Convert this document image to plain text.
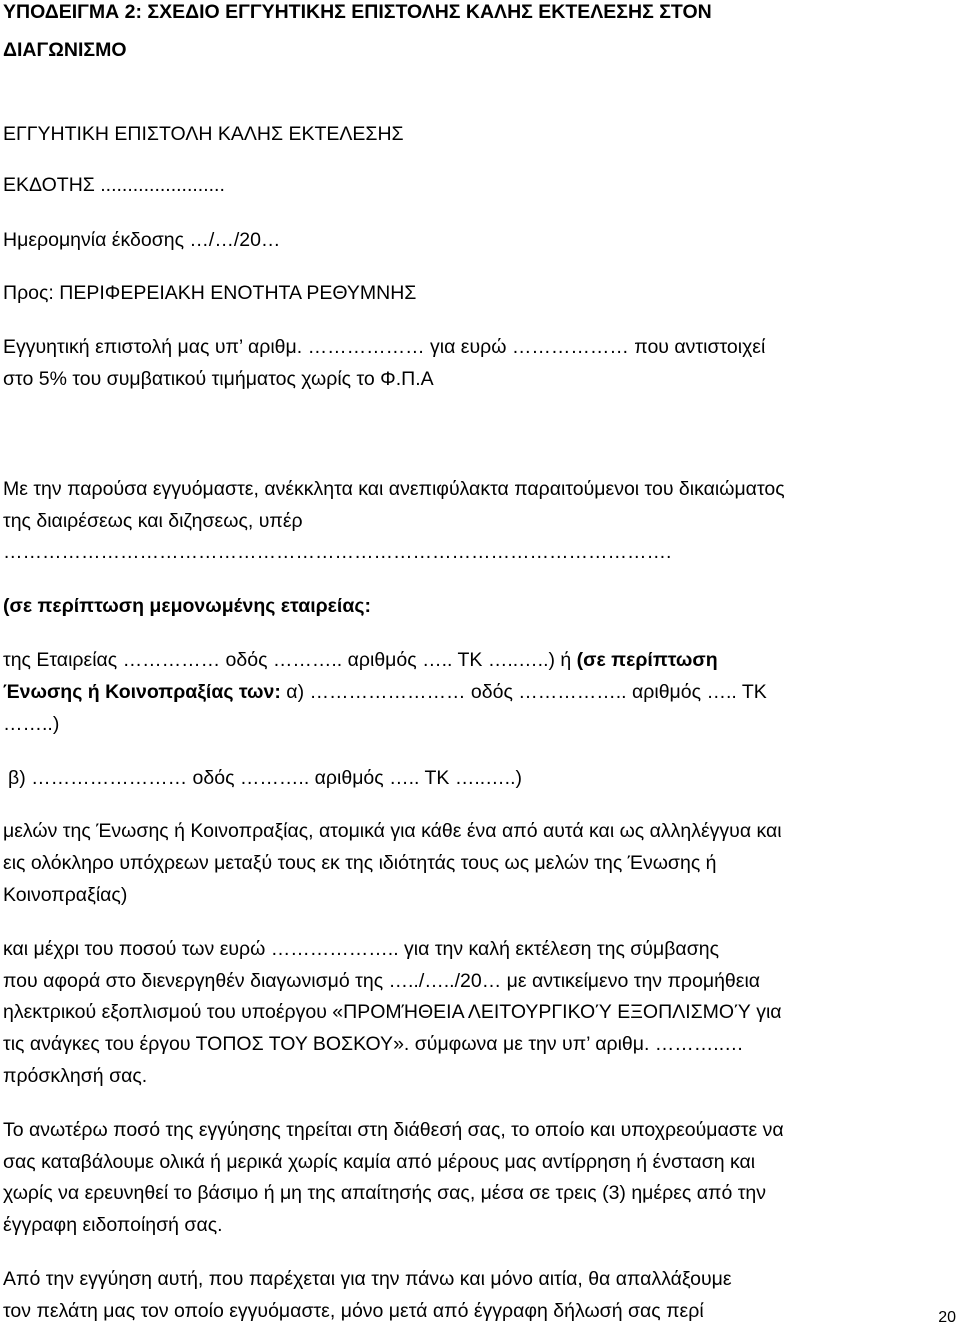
ΥΠΟΔΕΙΓΜΑ 2: ΣΧΕΔΙΟ ΕΓΓΥΗΤΙΚΗΣ ΕΠΙΣΤΟΛΗΣ ΚΑΛΗΣ ΕΚΤΕΛΕΣΗΣ ΣΤΟΝ
ΔΙΑΓΩΝΙΣΜΟ
ΕΓΓΥΗΤΙΚΗ ΕΠΙΣΤΟΛΗ ΚΑΛΗΣ ΕΚΤΕΛΕΣΗΣ
ΕΚΔΟΤΗΣ .......................
Ημερομηνία έκδοσης …/…/20…
Προς: ΠΕΡΙΦΕΡΕΙΑΚΗ ΕΝΟΤΗΤΑ ΡΕΘΥΜΝΗΣ
Εγγυητική επιστολή μας υπ’ αριθμ. ……………… για ευρώ ……………… που αντιστοιχεί
στο 5% του συμβατικού τιμήματος χωρίς το Φ.Π.Α
Με την παρούσα εγγυόμαστε, ανέκκλητα και ανεπιφύλακτα παραιτούμενοι του δικαιώματος
της διαιρέσεως και διζησεως, υπέρ
………………………………………………………………………………………….
(σε περίπτωση μεμονωμένης εταιρείας:
της Εταιρείας …………… οδός ……….. αριθμός ….. ΤΚ …..…..) ή (σε περίπτωση
Ένωσης ή Κοινοπραξίας των: α) …………………… οδός …………….. αριθμός ….. ΤΚ
……..)
β) …………………… οδός ……….. αριθμός ….. ΤΚ …..…..)
μελών της Ένωσης ή Κοινοπραξίας, ατομικά για κάθε ένα από αυτά και ως αλληλέγγυα και
εις ολόκληρο υπόχρεων μεταξύ τους εκ της ιδιότητάς τους ως μελών της Ένωσης ή
Κοινοπραξίας)
και μέχρι του ποσού των ευρώ ……………….. για την καλή εκτέλεση της σύμβασης
που αφορά στο διενεργηθέν διαγωνισμό της …../…../20… με αντικείμενο την προμήθεια
ηλεκτρικού εξοπλισμού του υποέργου «ΠΡΟΜΉΘΕΙΑ ΛΕΙΤΟΥΡΓΙΚΟΎ ΕΞΟΠΛΙΣΜΟΎ για
τις ανάγκες του έργου ΤΟΠΟΣ ΤΟΥ ΒΟΣΚΟΥ». σύμφωνα με την υπ’ αριθμ. ………..…
πρόσκλησή σας.
Το ανωτέρω ποσό της εγγύησης τηρείται στη διάθεσή σας, το οποίο και υποχρεούμαστε να
σας καταβάλουμε ολικά ή μερικά χωρίς καμία από μέρους μας αντίρρηση ή ένσταση και
χωρίς να ερευνηθεί το βάσιμο ή μη της απαίτησής σας, μέσα σε τρεις (3) ημέρες από την
έγγραφη ειδοποίησή σας.
Από την εγγύηση αυτή, που παρέχεται για την πάνω και μόνο αιτία, θα απαλλάξουμε
τον πελάτη μας τον οποίο εγγυόμαστε, μόνο μετά από έγγραφη δήλωσή σας περί	20
